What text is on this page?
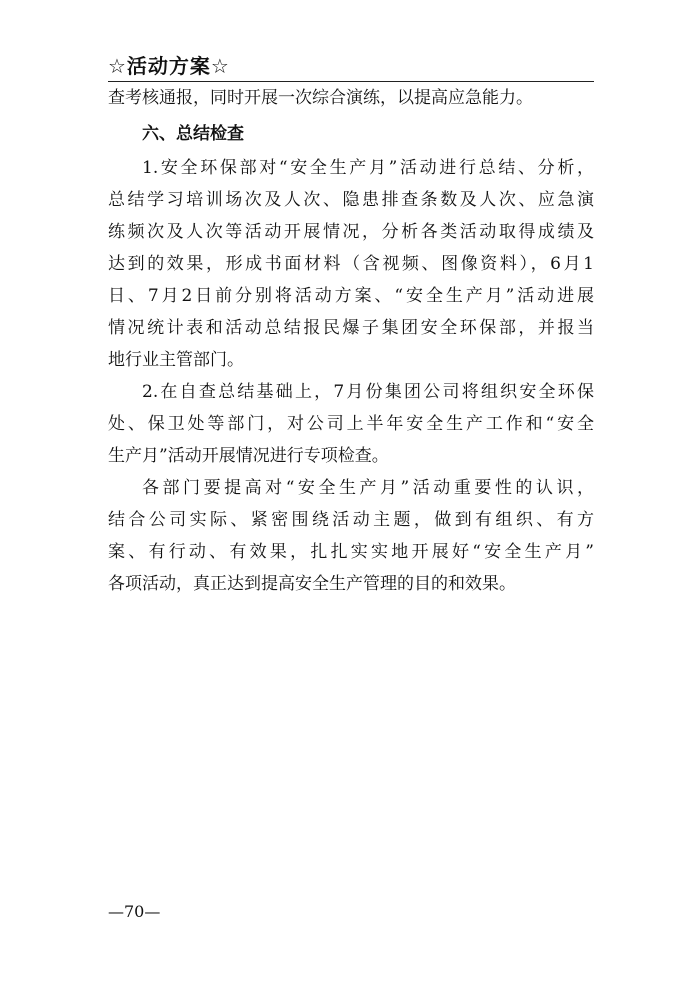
☆活动方案☆
查考核通报，同时开展一次综合演练，以提高应急能力。
六、总结检查
1.安全环保部对“安全生产月”活动进行总结、分析，
总结学习培训场次及人次、隐患排查条数及人次、应急演
练频次及人次等活动开展情况，分析各类活动取得成绩及
达到的效果，形成书面材料（含视频、图像资料），6月1
日、7月2日前分别将活动方案、“安全生产月”活动进展
情况统计表和活动总结报民爆子集团安全环保部，并报当
地行业主管部门。
2.在自查总结基础上，7月份集团公司将组织安全环保
处、保卫处等部门，对公司上半年安全生产工作和“安全
生产月”活动开展情况进行专项检查。
各部门要提高对“安全生产月”活动重要性的认识，
结合公司实际、紧密围绕活动主题，做到有组织、有方
案、有行动、有效果，扎扎实实地开展好“安全生产月”
各项活动，真正达到提高安全生产管理的目的和效果。
—70—
